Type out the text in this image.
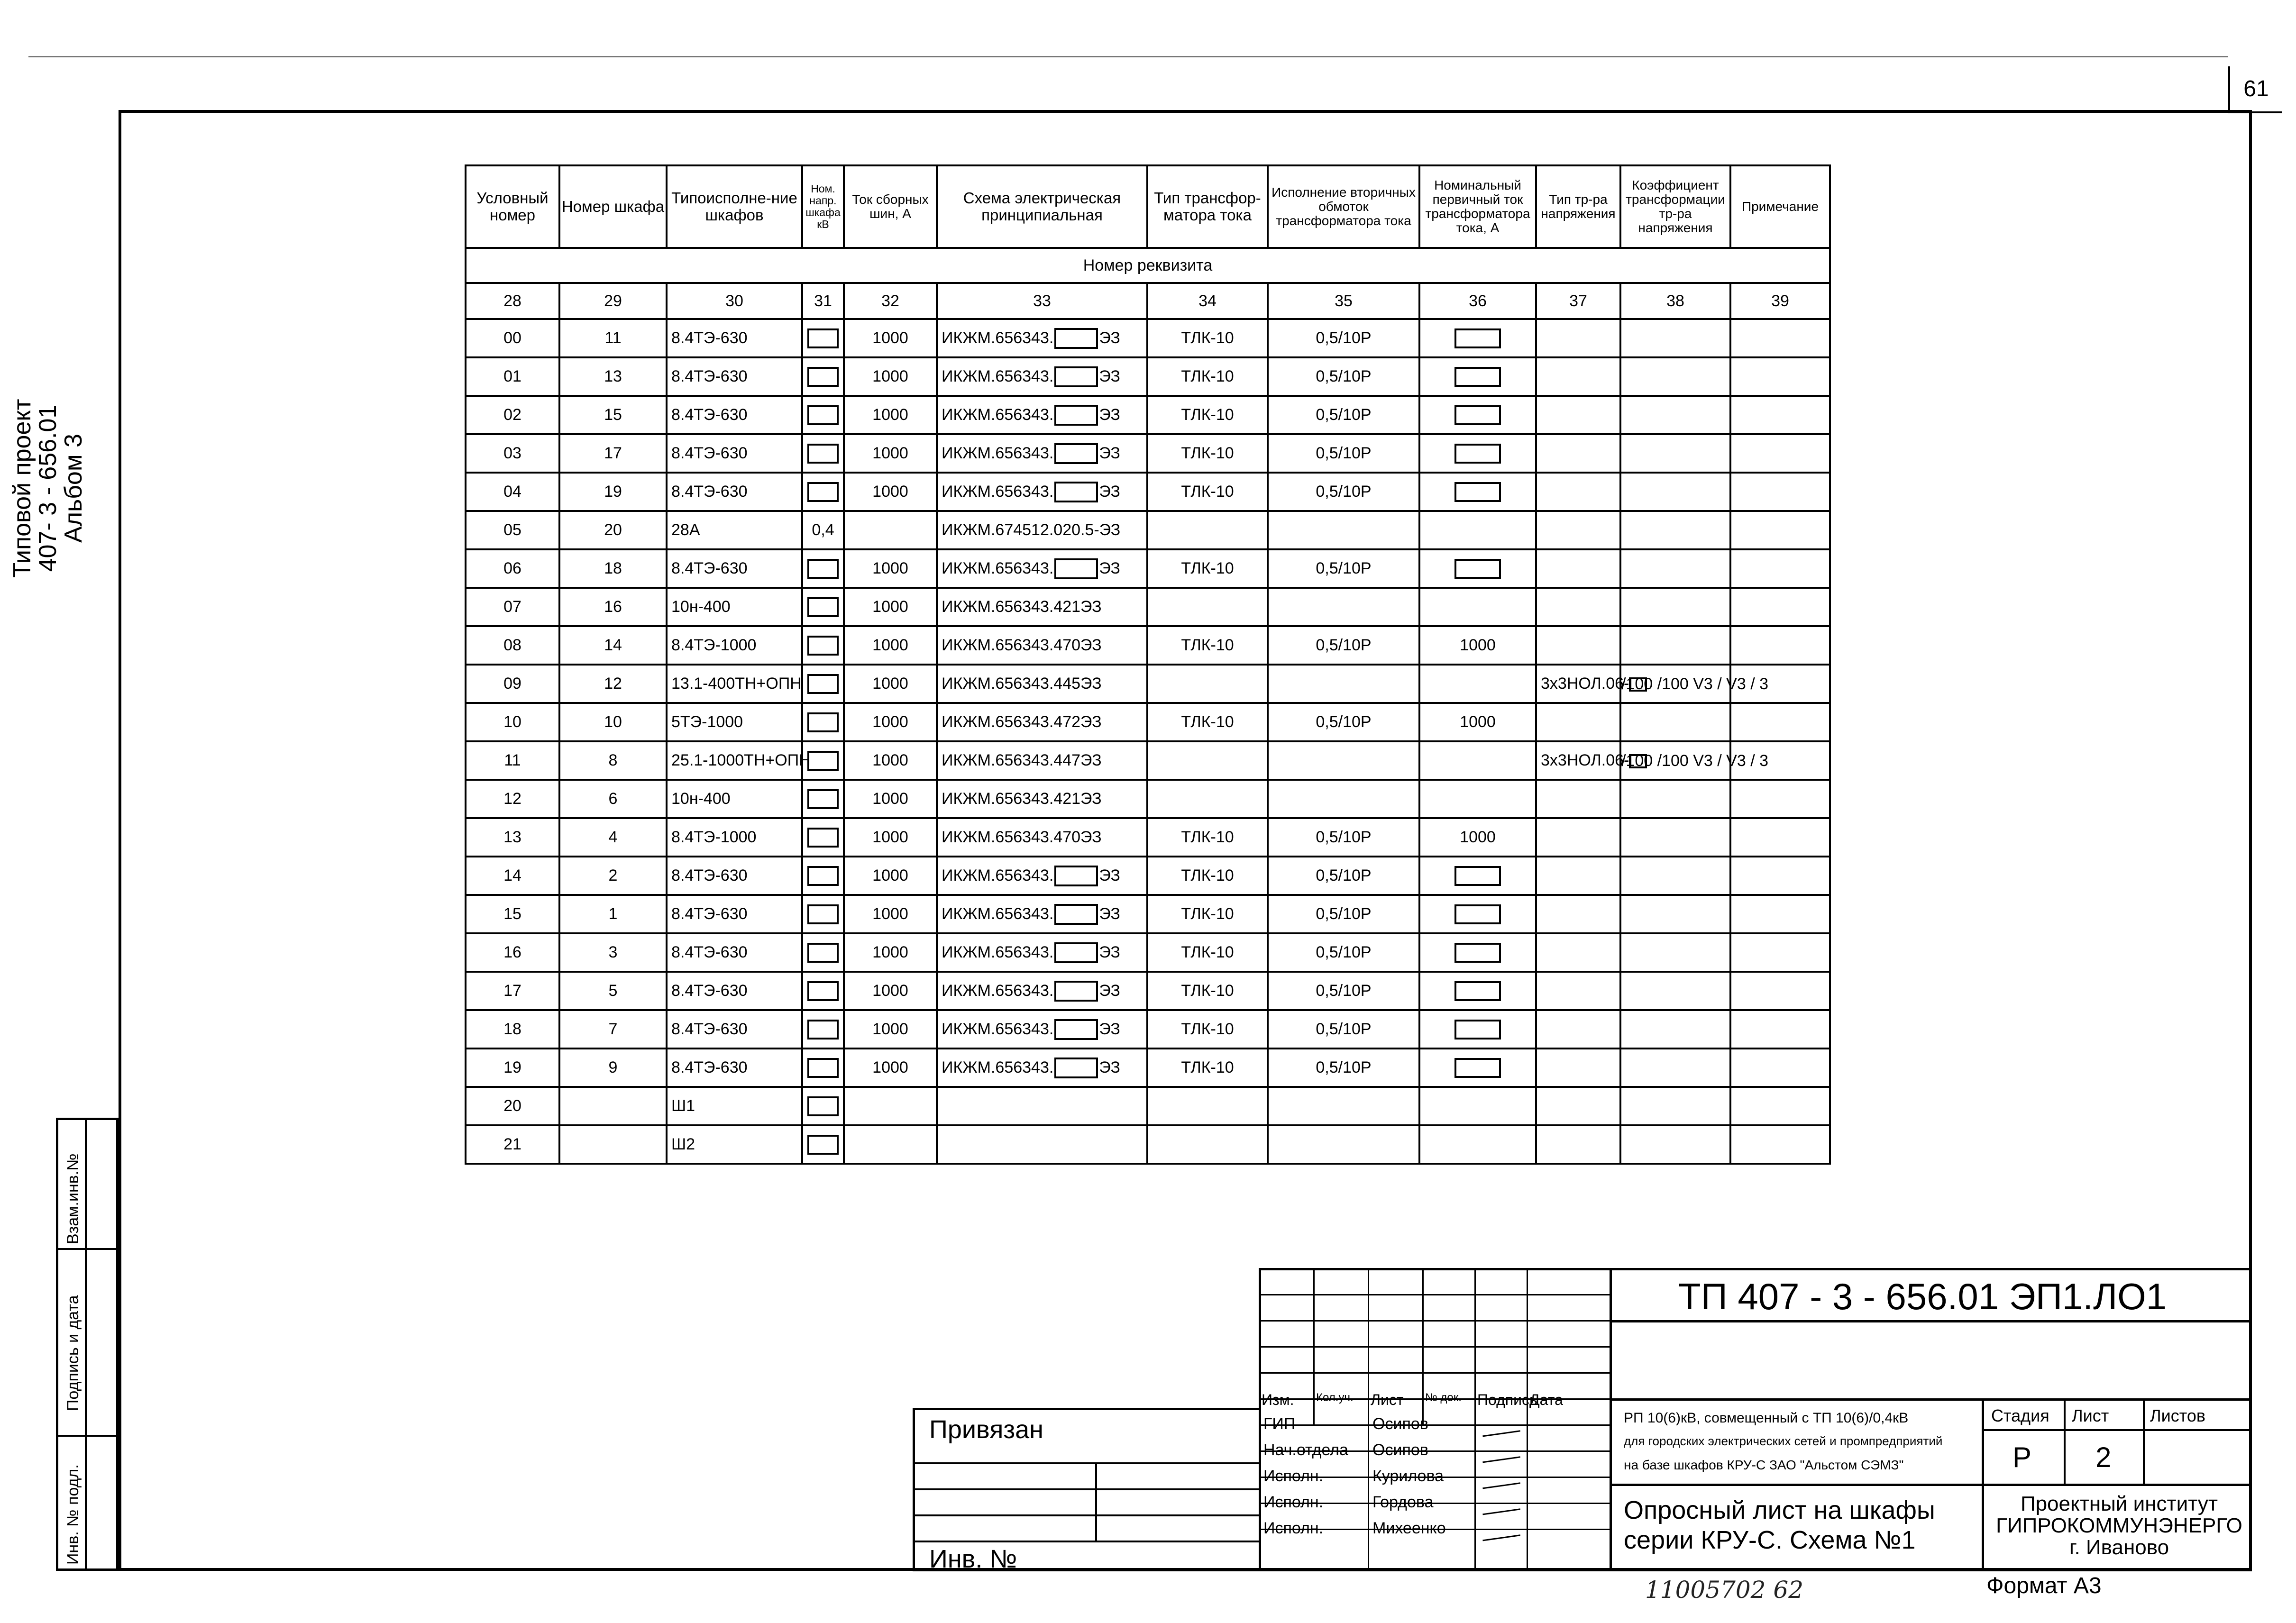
61
Типовой проект
407- 3 - 656.01
Альбом 3
Взам.инв.№
Подпись и дата
Инв. № подл.
Условный номер	Номер шкафа	Типоисполне-ние шкафов	Ном. напр. шкафа кВ	Ток сборных шин, А	Схема электрическая принципиальная	Тип трансфор-матора тока	Исполнение вторичных обмоток трансформатора тока	Номинальный первичный ток трансформатора тока, А	Тип тр-ра напряжения	Коэффициент трансформации тр-ра напряжения	Примечание
Номер реквизита											
28	29	30	31	32	33	34	35	36	37	38	39
00	11	8.4ТЭ-630		1000	ИКЖМ.656343. ЭЗ	ТЛК-10	0,5/10Р				
01	13	8.4ТЭ-630		1000	ИКЖМ.656343. ЭЗ	ТЛК-10	0,5/10Р				
02	15	8.4ТЭ-630		1000	ИКЖМ.656343. ЭЗ	ТЛК-10	0,5/10Р				
03	17	8.4ТЭ-630		1000	ИКЖМ.656343. ЭЗ	ТЛК-10	0,5/10Р				
04	19	8.4ТЭ-630		1000	ИКЖМ.656343. ЭЗ	ТЛК-10	0,5/10Р				
05	20	28А	0,4		ИКЖМ.674512.020.5-ЭЗ						
06	18	8.4ТЭ-630		1000	ИКЖМ.656343. ЭЗ	ТЛК-10	0,5/10Р				
07	16	10н-400		1000	ИКЖМ.656343.421ЭЗ						
08	14	8.4ТЭ-1000		1000	ИКЖМ.656343.470ЭЗ	ТЛК-10	0,5/10Р	1000			
09	12	13.1-400ТН+ОПН		1000	ИКЖМ.656343.445ЭЗ				3х3НОЛ.06-	/100 /100 V3 / V3 / 3	
10	10	5ТЭ-1000		1000	ИКЖМ.656343.472ЭЗ	ТЛК-10	0,5/10Р	1000			
11	8	25.1-1000ТН+ОПН		1000	ИКЖМ.656343.447ЭЗ				3х3НОЛ.06-	/100 /100 V3 / V3 / 3	
12	6	10н-400		1000	ИКЖМ.656343.421ЭЗ						
13	4	8.4ТЭ-1000		1000	ИКЖМ.656343.470ЭЗ	ТЛК-10	0,5/10Р	1000			
14	2	8.4ТЭ-630		1000	ИКЖМ.656343. ЭЗ	ТЛК-10	0,5/10Р				
15	1	8.4ТЭ-630		1000	ИКЖМ.656343. ЭЗ	ТЛК-10	0,5/10Р				
16	3	8.4ТЭ-630		1000	ИКЖМ.656343. ЭЗ	ТЛК-10	0,5/10Р				
17	5	8.4ТЭ-630		1000	ИКЖМ.656343. ЭЗ	ТЛК-10	0,5/10Р				
18	7	8.4ТЭ-630		1000	ИКЖМ.656343. ЭЗ	ТЛК-10	0,5/10Р				
19	9	8.4ТЭ-630		1000	ИКЖМ.656343. ЭЗ	ТЛК-10	0,5/10Р				
20		Ш1									
21		Ш2									
Изм. Кол.уч. Лист № док. Подпись
Дата
ГИП	Осипов
Нач.отдела Осипов
Исполн.	Курилова
Исполн.	Гордова
Исполн.	Михеенко
ТП 407 - 3 - 656.01 ЭП1.ЛО1
РП 10(6)кВ, совмещенный с ТП 10(6)/0,4кВ
для городских электрических сетей и промпредприятий
на базе шкафов КРУ-С ЗАО "Альстом СЭМЗ"
Опросный лист на шкафы
серии КРУ-С. Схема №1
Стадия Лист Листов
Р 2
Проектный институт
ГИПРОКОММУНЭНЕРГО
г. Иваново
Формат А3
11005702 62
Привязан
Инв. №
